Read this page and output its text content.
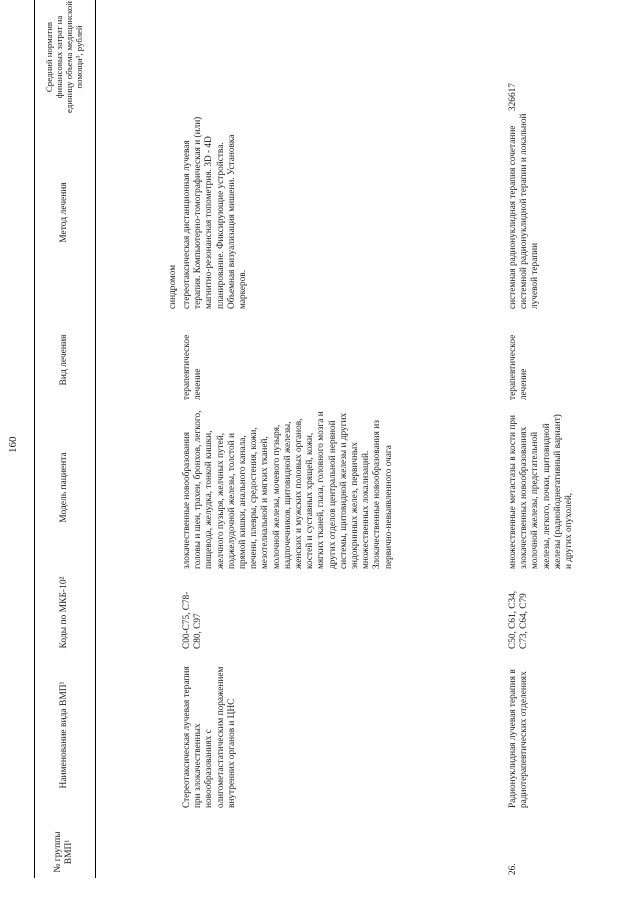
160
№ группы ВМП¹
Наименование вида ВМП¹
Коды по МКБ-10²
Модель пациента
Вид лечения
Метод лечения
Средний норматив финансовых затрат на единицу объема медицинской помощи³, рублей
Стереотаксическая лучевая терапия при злокачественных новообразованиях с олигометастатическим поражением внутренних органов и ЦНС
С00-С75, С78-С80, С97
злокачественные новообразования головы и шеи, трахеи, бронхов, легкого, пищевода, желудка, тонкой кишки, желчного пузыря, желчных путей, поджелудочной железы, толстой и прямой кишки, анального канала, печени, плевры, средостения, кожи, мезотелиальной и мягких тканей, молочной железы, мочевого пузыря, надпочечников, щитовидной железы, женских и мужских половых органов, костей и суставных хрящей, кожи, мягких тканей, глаза, головного мозга и других отделов центральной нервной системы, щитовидной железы и других эндокринных желез, первичных множественных локализаций. Злокачественные новообразования из первично-невыявленного очага
терапевтическое лечение
синдромом стереотаксическая дистанционная лучевая терапия. Компьютерно-томографическая и (или) магнитно-резонансная топометрия. 3D - 4D планирование. Фиксирующие устройства. Объемная визуализация мишени. Установка маркеров.
26.
Радионуклидная лучевая терапия в радиотерапевтических отделениях
С50, С61, С34, С73, С64, С79
множественные метастазы в кости при злокачественных новообразованиях молочной железы, предстательной железы, легкого, почки, щитовидной железы (радиойоднегативный вариант) и других опухолей,
терапевтическое лечение
системная радионуклидная терапия сочетание системной радионуклидной терапии и локальной лучевой терапии
326617
